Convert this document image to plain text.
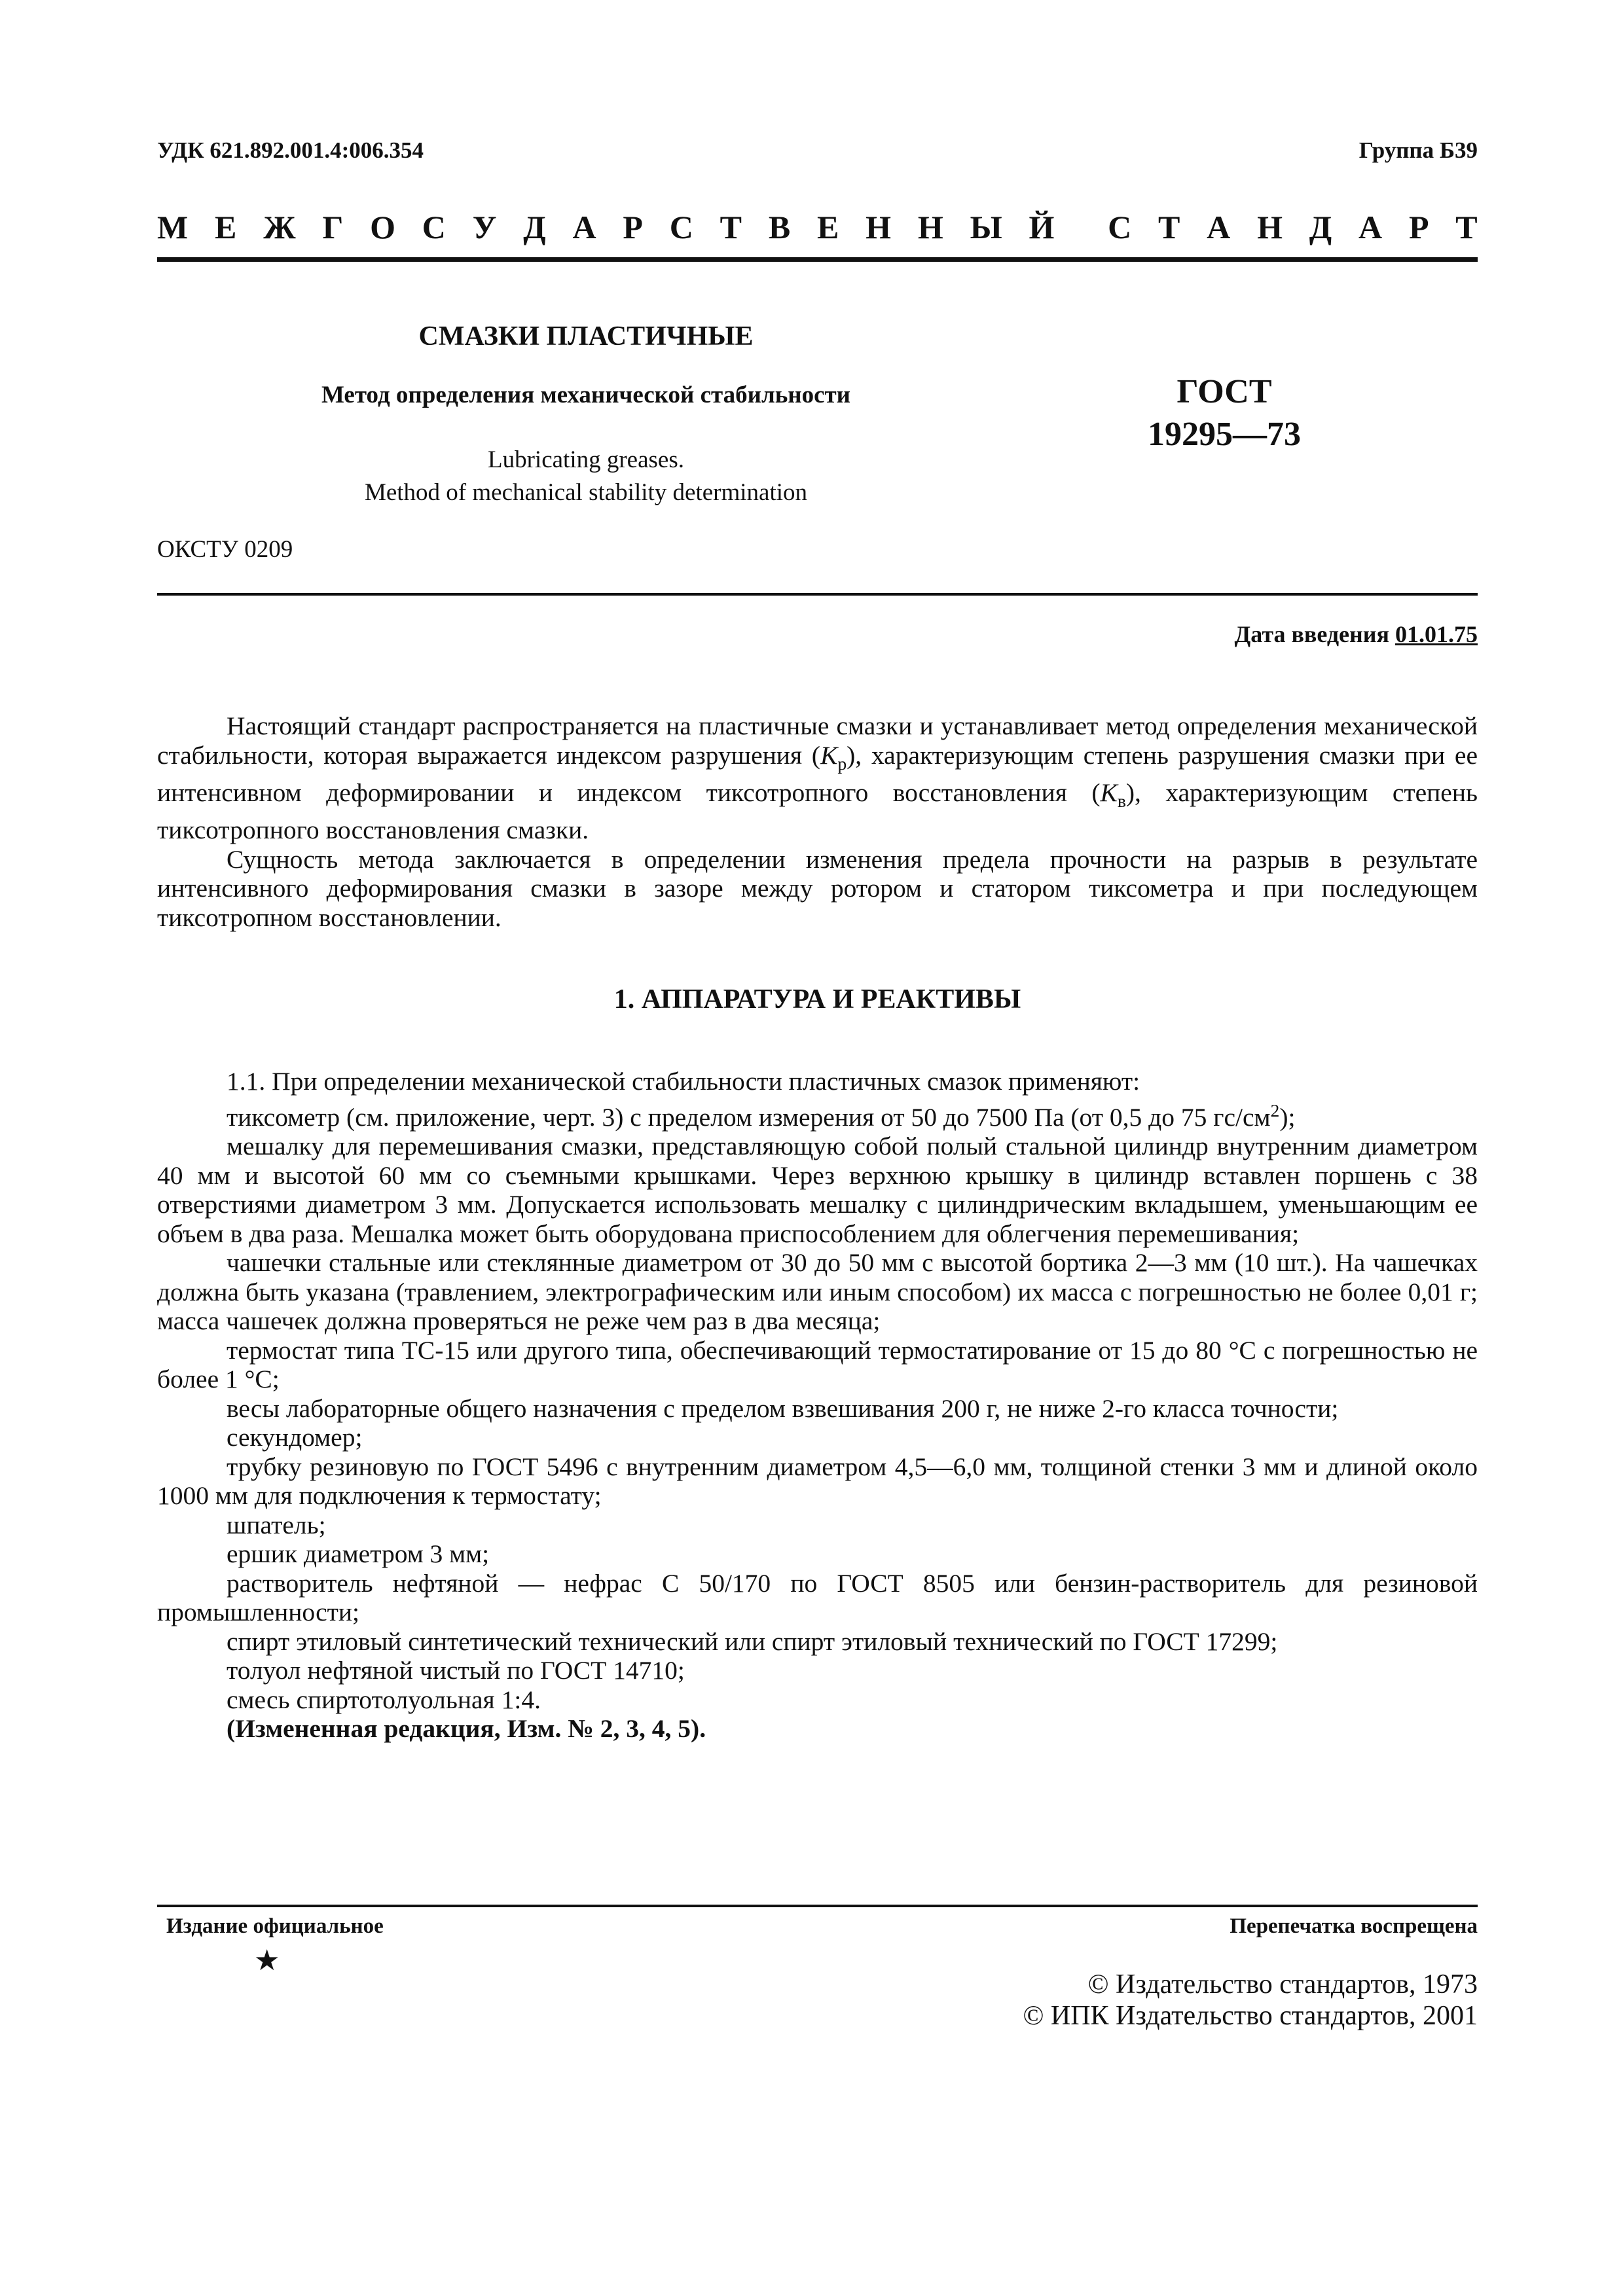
УДК 621.892.001.4:006.354	Группа Б39
М Е Ж Г О С У Д А Р С Т В Е Н Н Ы Й С Т А Н Д А Р Т
СМАЗКИ ПЛАСТИЧНЫЕ
Метод определения механической стабильности
Lubricating greases.
Method of mechanical stability determination
ГОСТ
19295—73
ОКСТУ 0209
Дата введения 01.01.75

Настоящий стандарт распространяется на пластичные смазки и устанавливает метод определения механической стабильности, которая выражается индексом разрушения $(K_р)$, характеризующим степень разрушения смазки при ее интенсивном деформировании и индексом тиксотропного восстановления $(K_в)$, характеризующим степень тиксотропного восстановления смазки.

Сущность метода заключается в определении изменения предела прочности на разрыв в результате интенсивного деформирования смазки в зазоре между ротором и статором тиксометра и при последующем тиксотропном восстановлении.

1. АППАРАТУРА И РЕАКТИВЫ

1.1. При определении механической стабильности пластичных смазок применяют:

тиксометр (см. приложение, черт. 3) с пределом измерения от 50 до 7500 Па (от 0,5 до 75 $гс/см^2$);

мешалку для перемешивания смазки, представляющую собой полый стальной цилиндр внутренним диаметром 40 мм и высотой 60 мм со съемными крышками. Через верхнюю крышку в цилиндр вставлен поршень с 38 отверстиями диаметром 3 мм. Допускается использовать мешалку с цилиндрическим вкладышем, уменьшающим ее объем в два раза. Мешалка может быть оборудована приспособлением для облегчения перемешивания;

чашечки стальные или стеклянные диаметром от 30 до 50 мм с высотой бортика 2—3 мм (10 шт.). На чашечках должна быть указана (травлением, электрографическим или иным способом) их масса с погрешностью не более 0,01 г; масса чашечек должна проверяться не реже чем раз в два месяца;

термостат типа ТС-15 или другого типа, обеспечивающий термостатирование от 15 до 80 °С с погрешностью не более 1 °С;

весы лабораторные общего назначения с пределом взвешивания 200 г, не ниже 2-го класса точности;

секундомер;

трубку резиновую по ГОСТ 5496 с внутренним диаметром 4,5—6,0 мм, толщиной стенки 3 мм и длиной около 1000 мм для подключения к термостату;

шпатель;

ершик диаметром 3 мм;

растворитель нефтяной — нефрас С 50/170 по ГОСТ 8505 или бензин-растворитель для резиновой промышленности;

спирт этиловый синтетический технический или спирт этиловый технический по ГОСТ 17299;

толуол нефтяной чистый по ГОСТ 14710;

смесь спиртотолуольная 1:4.

(Измененная редакция, Изм. № 2, 3, 4, 5).

Издание официальное	Перепечатка воспрещена
★
© Издательство стандартов, 1973
© ИПК Издательство стандартов, 2001
